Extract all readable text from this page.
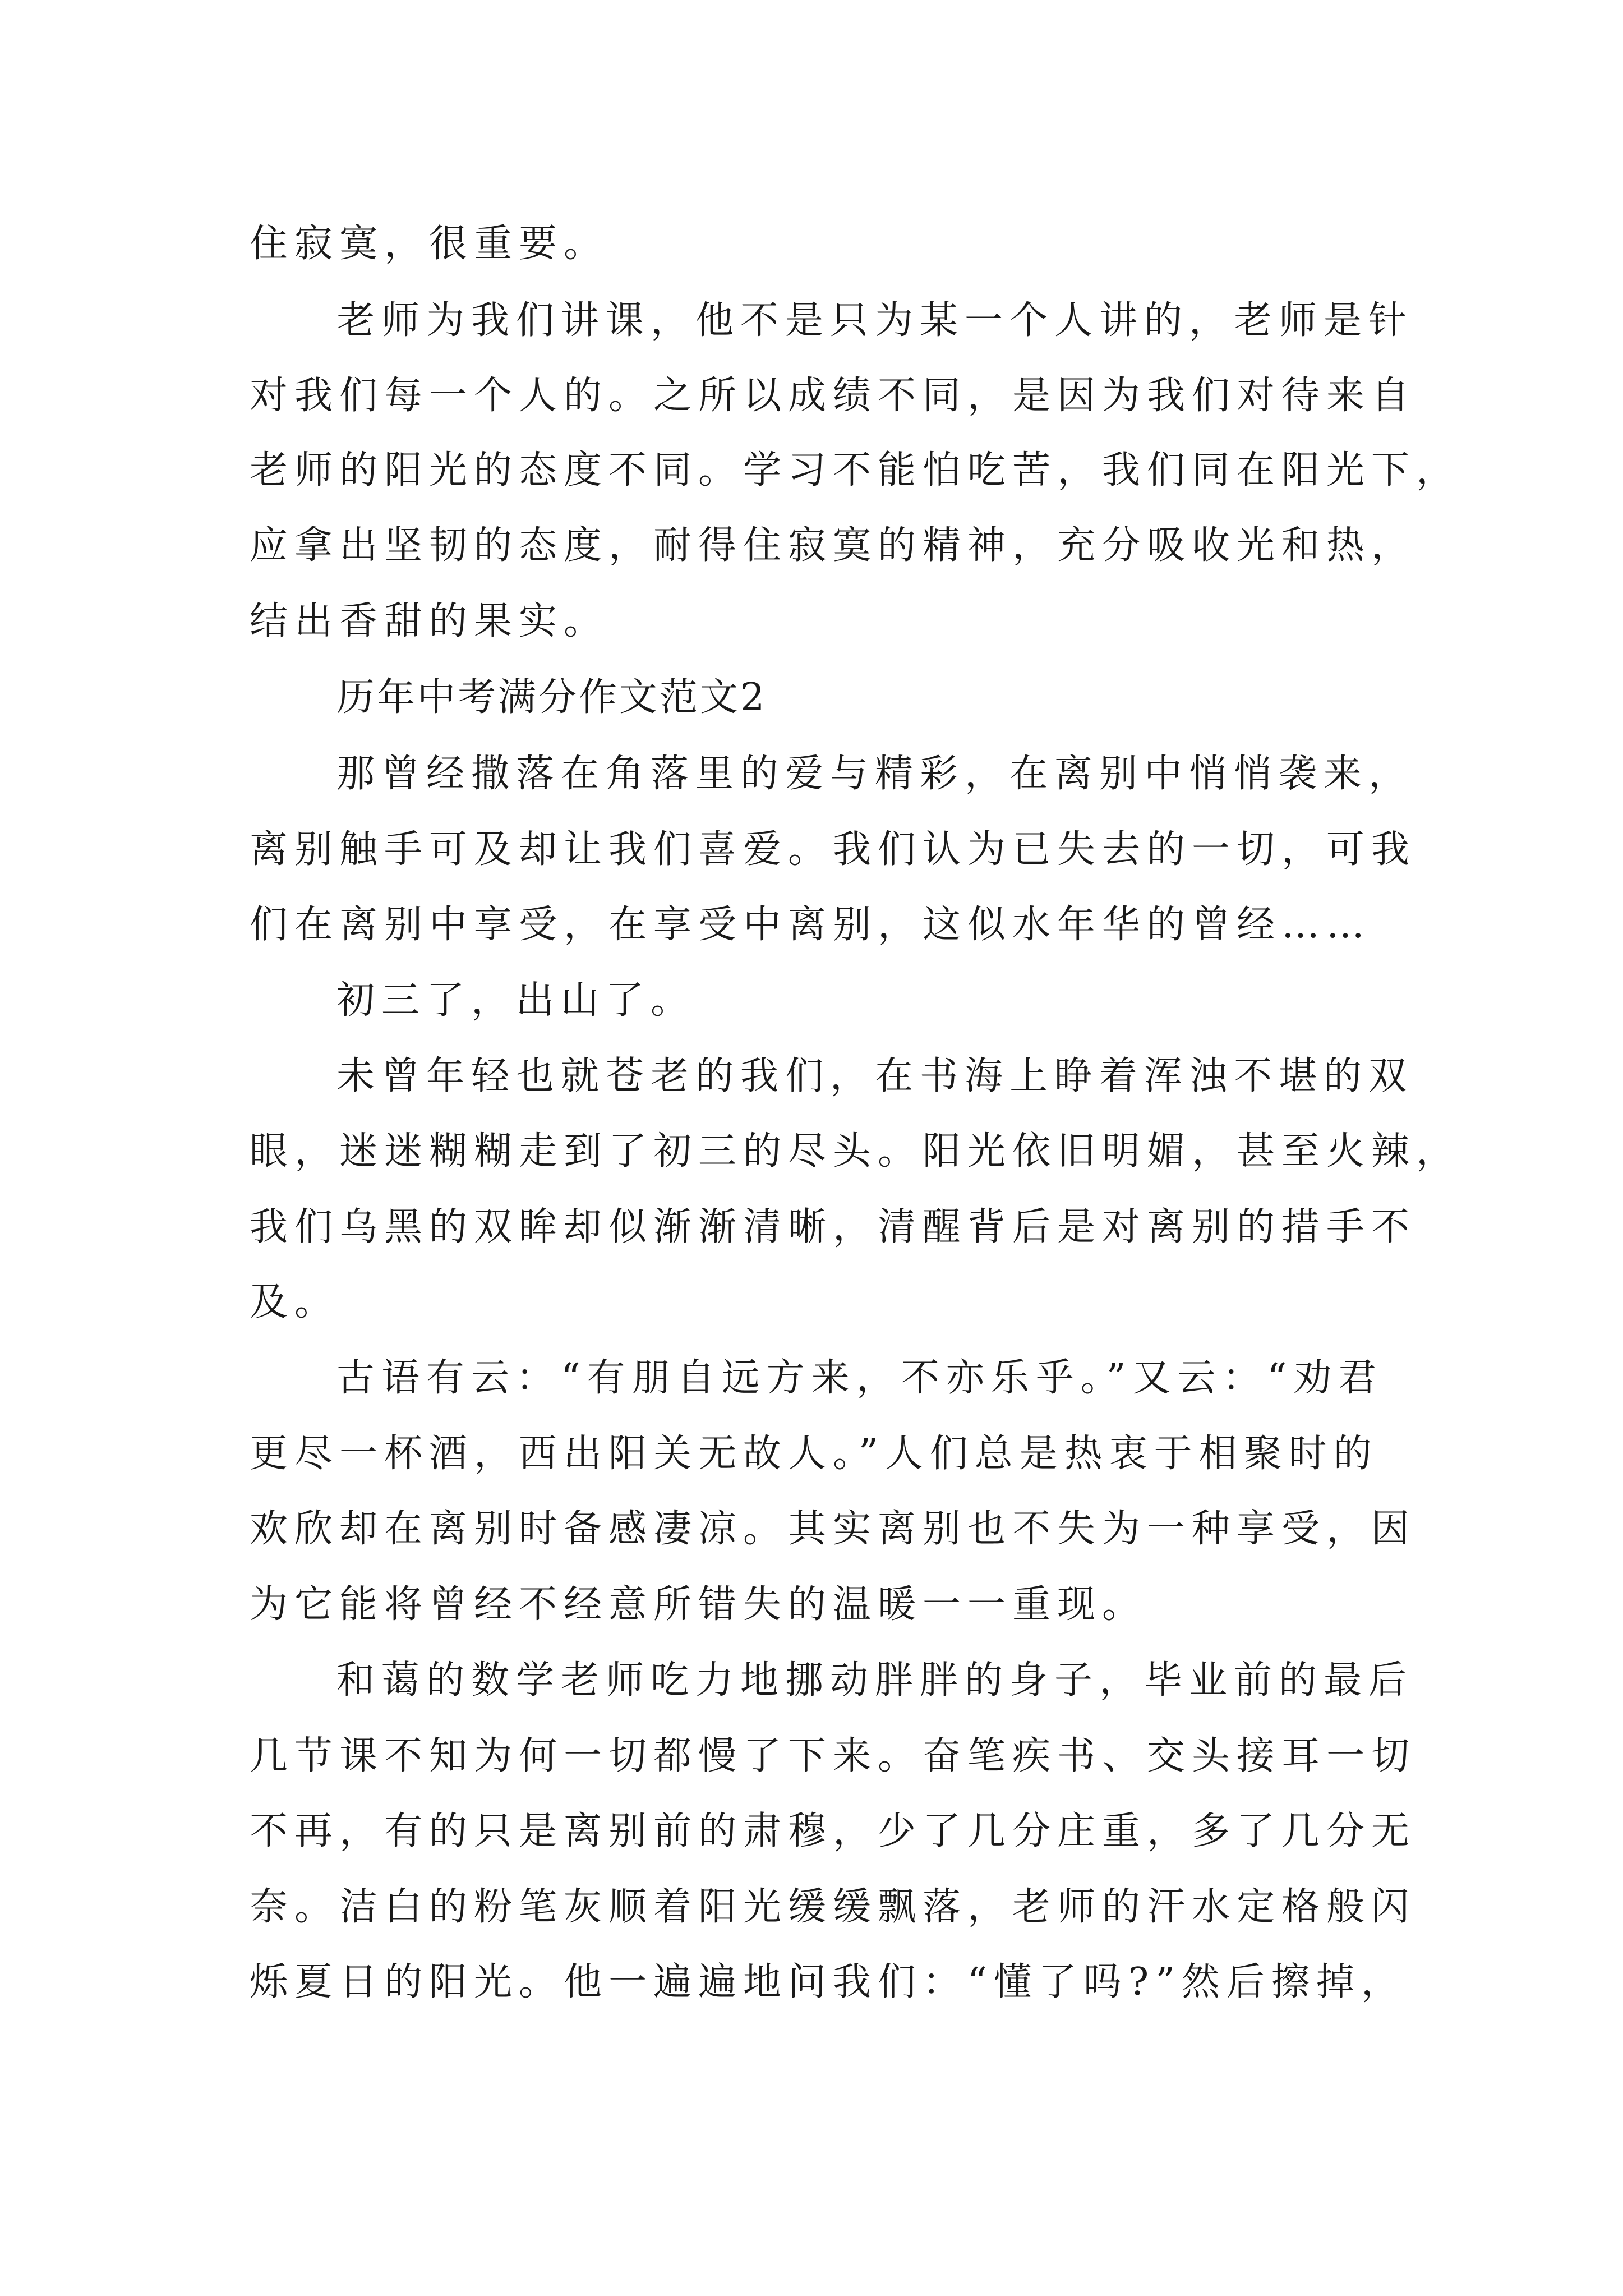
住寂寞，很重要。
老师为我们讲课，他不是只为某一个人讲的，老师是针
对我们每一个人的。之所以成绩不同，是因为我们对待来自
老师的阳光的态度不同。学习不能怕吃苦，我们同在阳光下，
应拿出坚韧的态度，耐得住寂寞的精神，充分吸收光和热，
结出香甜的果实。
历年中考满分作文范文2
那曾经撒落在角落里的爱与精彩，在离别中悄悄袭来，
离别触手可及却让我们喜爱。我们认为已失去的一切，可我
们在离别中享受，在享受中离别，这似水年华的曾经……
初三了，出山了。
未曾年轻也就苍老的我们，在书海上睁着浑浊不堪的双
眼，迷迷糊糊走到了初三的尽头。阳光依旧明媚，甚至火辣，
我们乌黑的双眸却似渐渐清晰，清醒背后是对离别的措手不
及。
古语有云：“有朋自远方来，不亦乐乎。”又云：“劝君
更尽一杯酒，西出阳关无故人。”人们总是热衷于相聚时的
欢欣却在离别时备感凄凉。其实离别也不失为一种享受，因
为它能将曾经不经意所错失的温暖一一重现。
和蔼的数学老师吃力地挪动胖胖的身子，毕业前的最后
几节课不知为何一切都慢了下来。奋笔疾书、交头接耳一切
不再，有的只是离别前的肃穆，少了几分庄重，多了几分无
奈。洁白的粉笔灰顺着阳光缓缓飘落，老师的汗水定格般闪
烁夏日的阳光。他一遍遍地问我们：“懂了吗?”然后擦掉，
